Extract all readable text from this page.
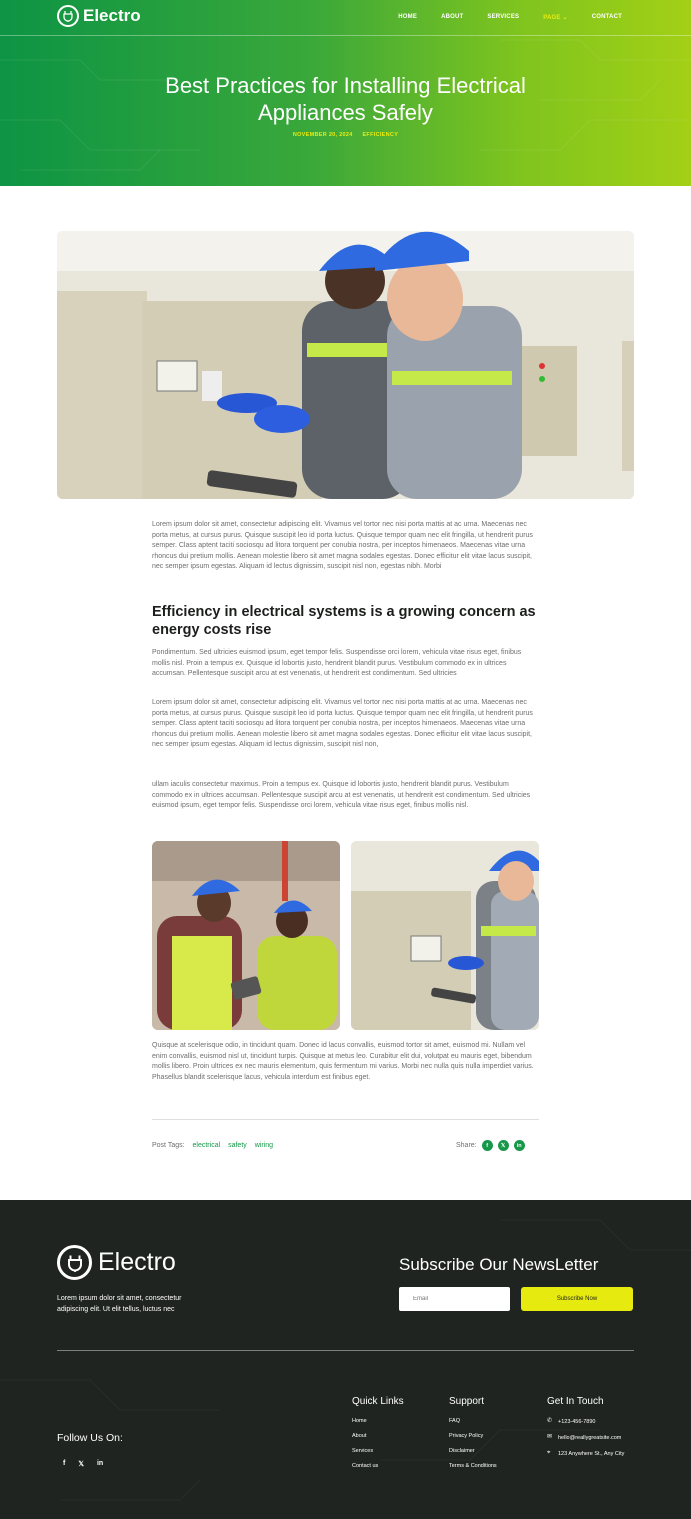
Electro	HOME	ABOUT	SERVICES	PAGE ⌄	CONTACT
Best Practices for Installing Electrical
Appliances Safely
NOVEMBER 20, 2024 EFFICIENCY

Lorem ipsum dolor sit amet, consectetur adipiscing elit. Vivamus vel tortor nec nisi porta mattis at ac urna. Maecenas nec porta metus, at cursus purus. Quisque suscipit leo id porta luctus. Quisque tempor quam nec elit fringilla, ut hendrerit purus semper. Class aptent taciti sociosqu ad litora torquent per conubia nostra, per inceptos himenaeos. Maecenas vitae urna rhoncus dui pretium mollis. Aenean molestie libero sit amet magna sodales egestas. Donec efficitur elit vitae lacus suscipit, nec semper ipsum egestas. Aliquam id lectus dignissim, suscipit nisl non, egestas nibh. Morbi

Efficiency in electrical systems is a growing concern as energy costs rise

Pondimentum. Sed ultricies euismod ipsum, eget tempor felis. Suspendisse orci lorem, vehicula vitae risus eget, finibus mollis nisl. Proin a tempus ex. Quisque id lobortis justo, hendrerit blandit purus. Vestibulum commodo ex in ultrices accumsan. Pellentesque suscipit arcu at est venenatis, ut hendrerit est condimentum. Sed ultricies

Lorem ipsum dolor sit amet, consectetur adipiscing elit. Vivamus vel tortor nec nisi porta mattis at ac urna. Maecenas nec porta metus, at cursus purus. Quisque suscipit leo id porta luctus. Quisque tempor quam nec elit fringilla, ut hendrerit purus semper. Class aptent taciti sociosqu ad litora torquent per conubia nostra, per inceptos himenaeos. Maecenas vitae urna rhoncus dui pretium mollis. Aenean molestie libero sit amet magna sodales egestas. Donec efficitur elit vitae lacus suscipit, nec semper ipsum egestas. Aliquam id lectus dignissim, suscipit nisl non,

ullam iaculis consectetur maximus. Proin a tempus ex. Quisque id lobortis justo, hendrerit blandit purus. Vestibulum commodo ex in ultrices accumsan. Pellentesque suscipit arcu at est venenatis, ut hendrerit est condimentum. Sed ultricies euismod ipsum, eget tempor felis. Suspendisse orci lorem, vehicula vitae risus eget, finibus mollis nisl.

Quisque at scelerisque odio, in tincidunt quam. Donec id lacus convallis, euismod tortor sit amet, euismod mi. Nullam vel enim convallis, euismod nisl ut, tincidunt turpis. Quisque at metus leo. Curabitur elit dui, volutpat eu mauris eget, bibendum mollis libero. Proin ultrices ex nec mauris elementum, quis fermentum mi varius. Morbi nec nulla quis nulla imperdiet varius. Phasellus blandit scelerisque lacus, vehicula interdum est finibus eget.

Post Tags: electrical safety wiring	Share:	f	𝕏	in
Electro

Lorem ipsum dolor sit amet, consectetur adipiscing elit. Ut elit tellus, luctus nec

Subscribe Our NewsLetter
Email
Subscribe Now
Follow Us On:
f 𝕏 in
Quick Links
Home
About
Services
Contact us
Support
FAQ
Privacy Policy
Disclaimer
Terms & Conditions
Get In Touch
✆	+123-456-7890
✉	hello@reallygreatsite.com
⌖	123 Anywhere St., Any City
